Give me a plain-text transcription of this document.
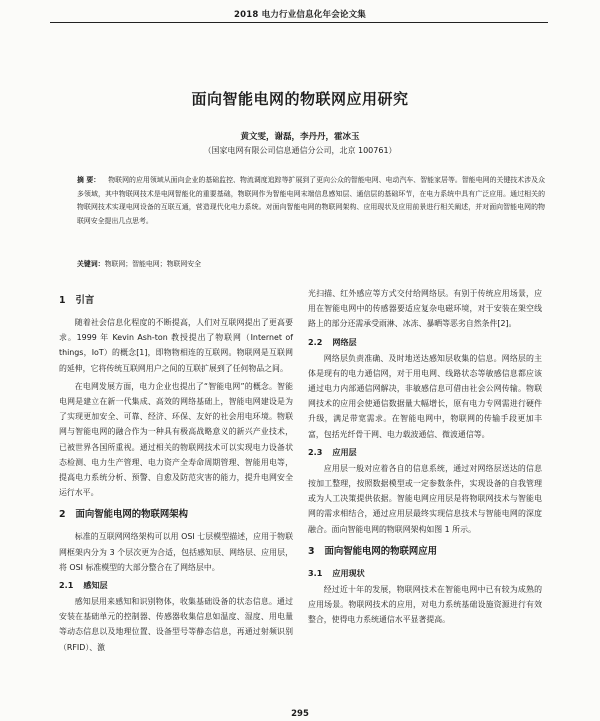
2018 电力行业信息化年会论文集
面向智能电网的物联网应用研究
黄文雯，谢磊，李丹丹，霍冰玉
（国家电网有限公司信息通信分公司，北京 100761）
摘 要： 物联网的应用领域从面向企业的基础监控、物流调度追踪等扩展到了更向公众的智能电网、电动汽车、智能家居等。智能电网的关键技术涉及众多领域，其中物联网技术是电网智能化的重要基础，物联网作为智能电网末端信息感知层、通信层的基础环节，在电力系统中具有广泛应用。通过相关的物联网技术实现电网设备的互联互通，营造现代化电力系统。对面向智能电网的物联网架构、应用现状及应用前景进行相关阐述，并对面向智能电网的物联网安全提出几点思考。
关键词：物联网；智能电网；物联网安全
1 引言

随着社会信息化程度的不断提高，人们对互联网提出了更高要求。1999 年 Kevin Ash-ton 教授提出了物联网（Internet of things，IoT）的概念[1]，即物物相连的互联网。物联网是互联网的延伸，它将传统互联网用户之间的互联扩展到了任何物品之间。

在电网发展方面，电力企业也提出了“智能电网”的概念。智能电网是建立在新一代集成、高效的网络基础上，智能电网建设是为了实现更加安全、可靠、经济、环保、友好的社会用电环境。物联网与智能电网的融合作为一种具有极高战略意义的新兴产业技术，已被世界各国所重视。通过相关的物联网技术可以实现电力设备状态检测、电力生产管理、电力资产全寿命周期管理、智能用电等，提高电力系统分析、预警、自愈及防范灾害的能力，提升电网安全运行水平。

2 面向智能电网的物联网架构

标准的互联网网络架构可以用 OSI 七层模型描述，应用于物联网框架内分为 3 个层次更为合适，包括感知层、网络层、应用层，将 OSI 标准模型的大部分整合在了网络层中。

2.1 感知层

感知层用来感知和识别物体，收集基础设备的状态信息。通过安装在基础单元的控制器、传感器收集信息如温度、湿度、用电量等动态信息以及地理位置、设备型号等静态信息，再通过射频识别（RFID）、激

光扫描、红外感应等方式交付给网络层。有别于传统应用场景，应用在智能电网中的传感器要适应复杂电磁环境，对于安装在架空线路上的部分还需承受雨淋、冰冻、暴晒等恶劣自然条件[2]。

2.2 网络层

网络层负责准确、及时地送达感知层收集的信息。网络层的主体是现有的电力通信网，对于用电网、线路状态等敏感信息都应该通过电力内部通信网解决，非敏感信息可借由社会公网传输。物联网技术的应用会使通信数据量大幅增长，原有电力专网需进行硬件升级，满足带宽需求。在智能电网中，物联网的传输手段更加丰富，包括光纤骨干网、电力载波通信、微波通信等。

2.3 应用层

应用层一般对应着各自的信息系统，通过对网络层送达的信息按加工整理，按照数据模型或一定参数条件，实现设备的自我管理或为人工决策提供依据。智能电网应用层是将物联网技术与智能电网的需求相结合，通过应用层最终实现信息技术与智能电网的深度融合。面向智能电网的物联网架构如图 1 所示。

3 面向智能电网的物联网应用
3.1 应用现状

经过近十年的发展，物联网技术在智能电网中已有较为成熟的应用场景。物联网技术的应用，对电力系统基础设施资源进行有效整合，使得电力系统通信水平显著提高。

295
